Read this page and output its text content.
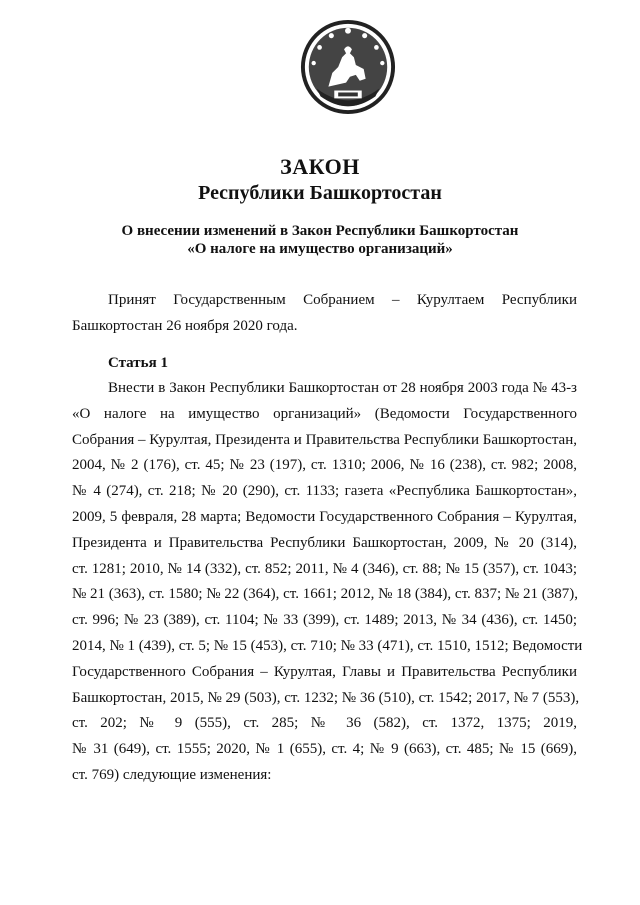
ЗАКОН
Республики Башкортостан
О внесении изменений в Закон Республики Башкортостан
«О налоге на имущество организаций»
Принят Государственным Собранием – Курултаем Республики
Башкортостан 26 ноября 2020 года.
Статья 1
Внести в Закон Республики Башкортостан от 28 ноября 2003 года № 43-з
«О налоге на имущество организаций» (Ведомости Государственного
Собрания – Курултая, Президента и Правительства Республики Башкортостан,
2004, № 2 (176), ст. 45; № 23 (197), ст. 1310; 2006, № 16 (238), ст. 982; 2008,
№ 4 (274), ст. 218; № 20 (290), ст. 1133; газета «Республика Башкортостан»,
2009, 5 февраля, 28 марта; Ведомости Государственного Собрания – Курултая,
Президента и Правительства Республики Башкортостан, 2009, № 20 (314),
ст. 1281; 2010, № 14 (332), ст. 852; 2011, № 4 (346), ст. 88; № 15 (357), ст. 1043;
№ 21 (363), ст. 1580; № 22 (364), ст. 1661; 2012, № 18 (384), ст. 837; № 21 (387),
ст. 996; № 23 (389), ст. 1104; № 33 (399), ст. 1489; 2013, № 34 (436), ст. 1450;
2014, № 1 (439), ст. 5; № 15 (453), ст. 710; № 33 (471), ст. 1510, 1512; Ведомости
Государственного Собрания – Курултая, Главы и Правительства Республики
Башкортостан, 2015, № 29 (503), ст. 1232; № 36 (510), ст. 1542; 2017, № 7 (553),
ст. 202; № 9 (555), ст. 285; № 36 (582), ст. 1372, 1375; 2019,
№ 31 (649), ст. 1555; 2020, № 1 (655), ст. 4; № 9 (663), ст. 485; № 15 (669),
ст. 769) следующие изменения:
